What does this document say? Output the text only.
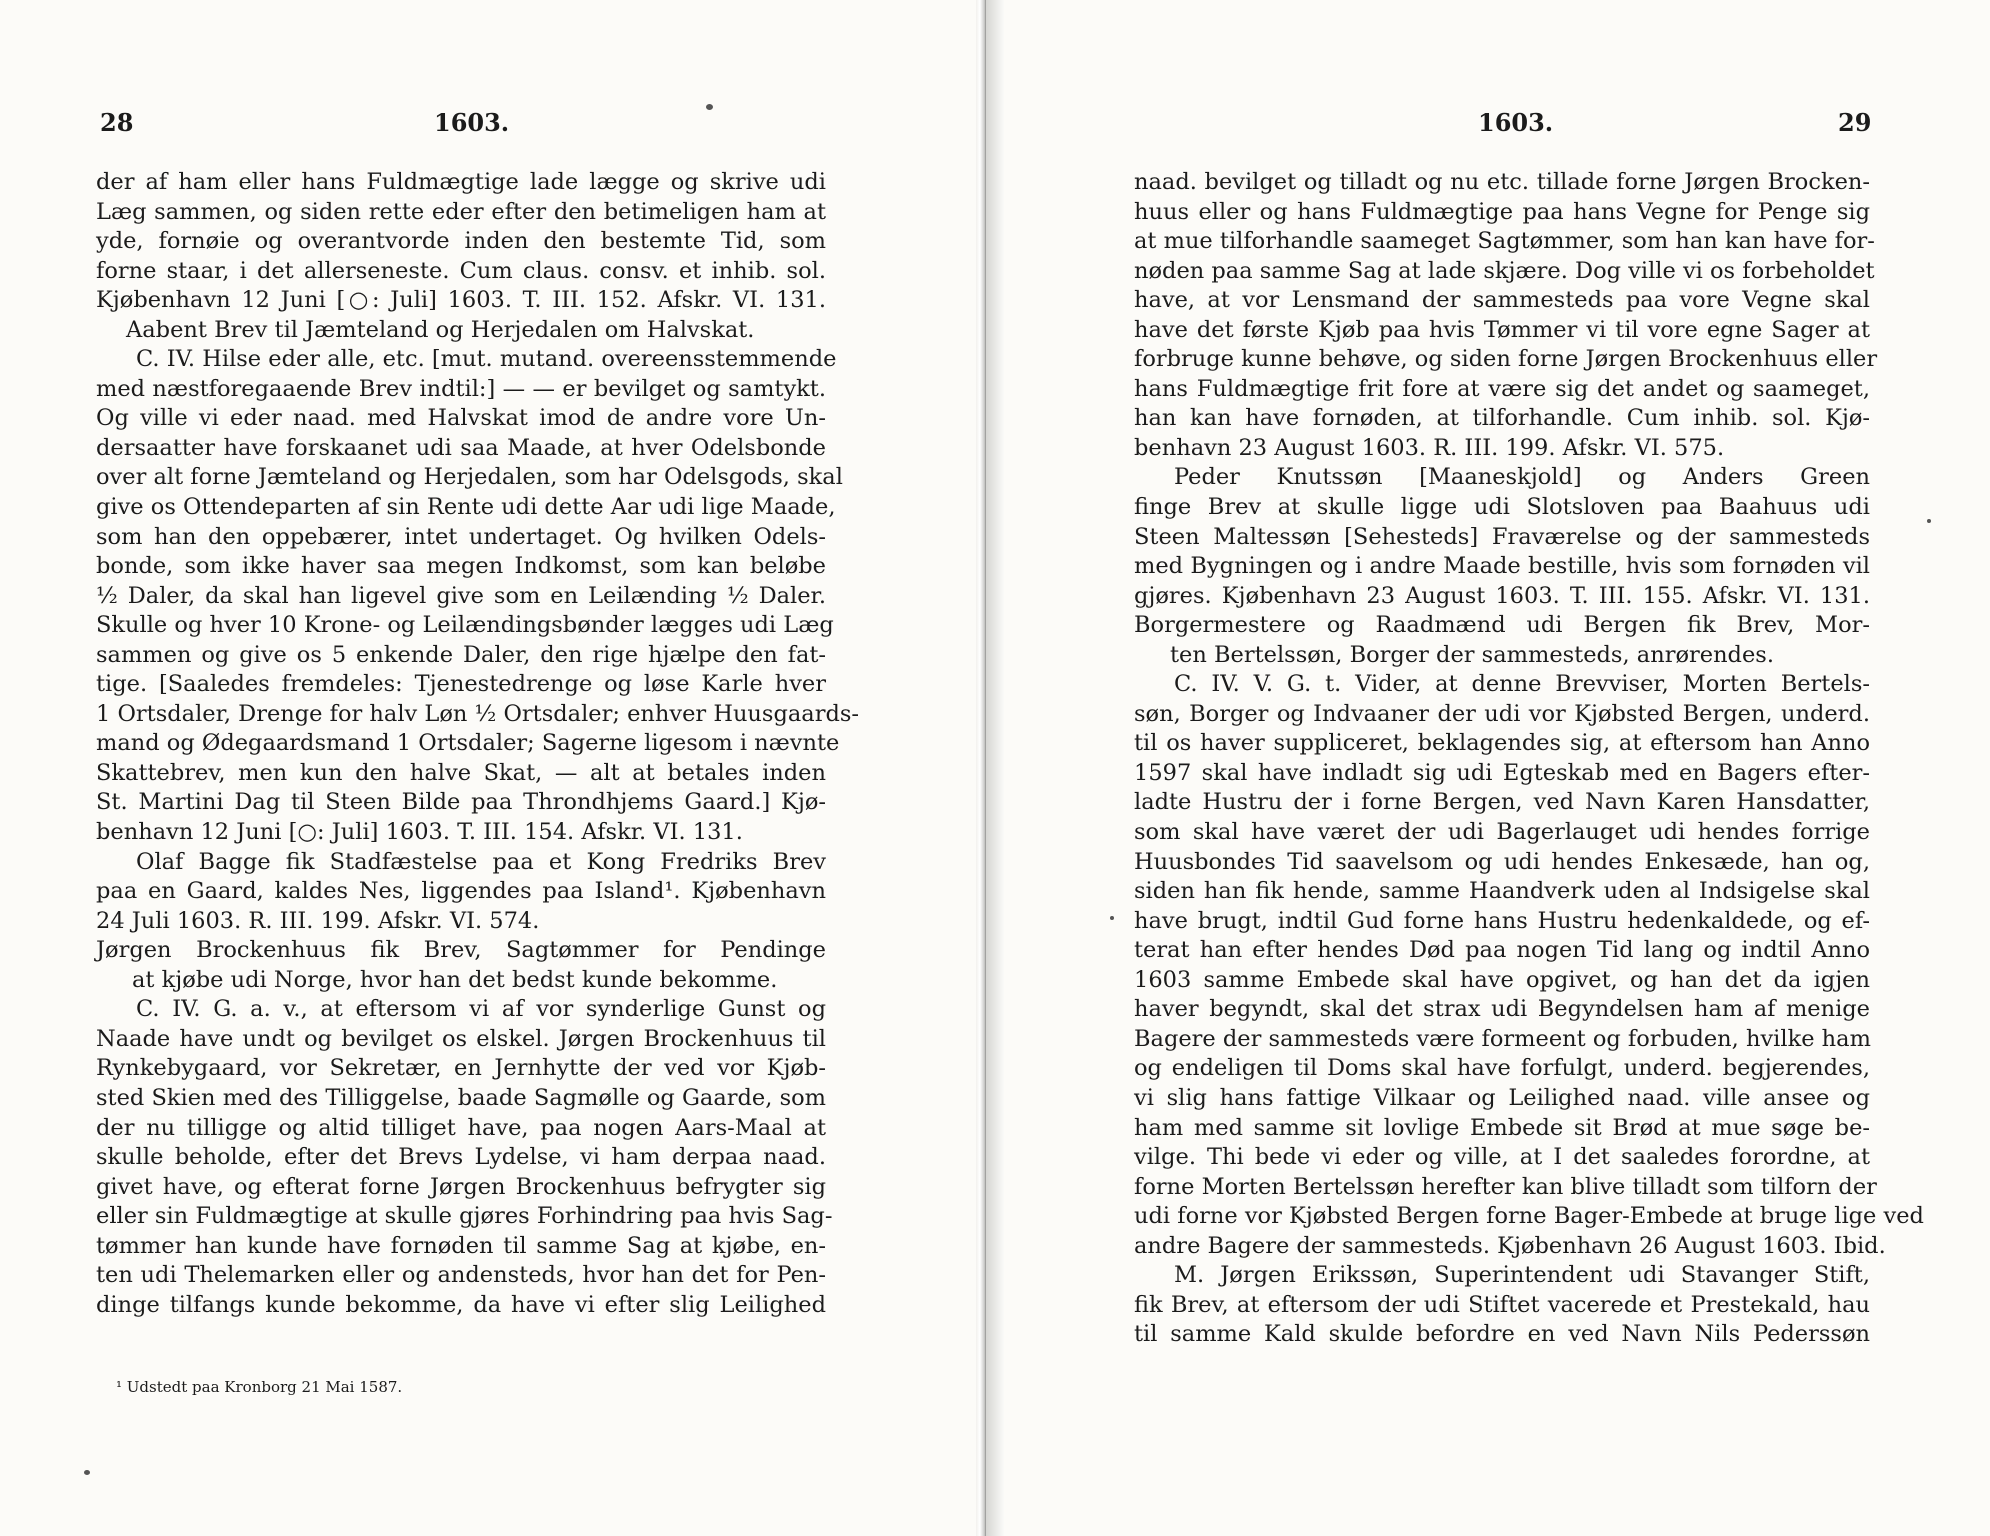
28	1603.
der af ham eller hans Fuldmægtige lade lægge og skrive udi
Læg sammen, og siden rette eder efter den betimeligen ham at
yde, fornøie og overantvorde inden den bestemte Tid, som
forne staar, i det allerseneste. Cum claus. consv. et inhib. sol.
Kjøbenhavn 12 Juni [○: Juli] 1603. T. III. 152. Afskr. VI. 131.
Aabent Brev til Jæmteland og Herjedalen om Halvskat.
C. IV. Hilse eder alle, etc. [mut. mutand. overeensstemmende
med næstforegaaende Brev indtil:] — — er bevilget og samtykt.
Og ville vi eder naad. med Halvskat imod de andre vore Un-
dersaatter have forskaanet udi saa Maade, at hver Odelsbonde
over alt forne Jæmteland og Herjedalen, som har Odelsgods, skal
give os Ottendeparten af sin Rente udi dette Aar udi lige Maade,
som han den oppebærer, intet undertaget. Og hvilken Odels-
bonde, som ikke haver saa megen Indkomst, som kan beløbe
½ Daler, da skal han ligevel give som en Leilænding ½ Daler.
Skulle og hver 10 Krone- og Leilændingsbønder lægges udi Læg
sammen og give os 5 enkende Daler, den rige hjælpe den fat-
tige. [Saaledes fremdeles: Tjenestedrenge og løse Karle hver
1 Ortsdaler, Drenge for halv Løn ½ Ortsdaler; enhver Huusgaards-
mand og Ødegaardsmand 1 Ortsdaler; Sagerne ligesom i nævnte
Skattebrev, men kun den halve Skat, — alt at betales inden
St. Martini Dag til Steen Bilde paa Throndhjems Gaard.] Kjø-
benhavn 12 Juni [○: Juli] 1603. T. III. 154. Afskr. VI. 131.
Olaf Bagge fik Stadfæstelse paa et Kong Fredriks Brev
paa en Gaard, kaldes Nes, liggendes paa Island¹. Kjøbenhavn
24 Juli 1603. R. III. 199. Afskr. VI. 574.
Jørgen Brockenhuus fik Brev, Sagtømmer for Pendinge
at kjøbe udi Norge, hvor han det bedst kunde bekomme.
C. IV. G. a. v., at eftersom vi af vor synderlige Gunst og
Naade have undt og bevilget os elskel. Jørgen Brockenhuus til
Rynkebygaard, vor Sekretær, en Jernhytte der ved vor Kjøb-
sted Skien med des Tilliggelse, baade Sagmølle og Gaarde, som
der nu tilligge og altid tilliget have, paa nogen Aars-Maal at
skulle beholde, efter det Brevs Lydelse, vi ham derpaa naad.
givet have, og efterat forne Jørgen Brockenhuus befrygter sig
eller sin Fuldmægtige at skulle gjøres Forhindring paa hvis Sag-
tømmer han kunde have fornøden til samme Sag at kjøbe, en-
ten udi Thelemarken eller og andensteds, hvor han det for Pen-
dinge tilfangs kunde bekomme, da have vi efter slig Leilighed
¹ Udstedt paa Kronborg 21 Mai 1587.
1603.	29
naad. bevilget og tilladt og nu etc. tillade forne Jørgen Brocken-
huus eller og hans Fuldmægtige paa hans Vegne for Penge sig
at mue tilforhandle saameget Sagtømmer, som han kan have for-
nøden paa samme Sag at lade skjære. Dog ville vi os forbeholdet
have, at vor Lensmand der sammesteds paa vore Vegne skal
have det første Kjøb paa hvis Tømmer vi til vore egne Sager at
forbruge kunne behøve, og siden forne Jørgen Brockenhuus eller
hans Fuldmægtige frit fore at være sig det andet og saameget,
han kan have fornøden, at tilforhandle. Cum inhib. sol. Kjø-
benhavn 23 August 1603. R. III. 199. Afskr. VI. 575.
Peder Knutssøn [Maaneskjold] og Anders Green
finge Brev at skulle ligge udi Slotsloven paa Baahuus udi
Steen Maltessøn [Sehesteds] Fraværelse og der sammesteds
med Bygningen og i andre Maade bestille, hvis som fornøden vil
gjøres. Kjøbenhavn 23 August 1603. T. III. 155. Afskr. VI. 131.
Borgermestere og Raadmænd udi Bergen fik Brev, Mor-
ten Bertelssøn, Borger der sammesteds, anrørendes.
C. IV. V. G. t. Vider, at denne Brevviser, Morten Bertels-
søn, Borger og Indvaaner der udi vor Kjøbsted Bergen, underd.
til os haver suppliceret, beklagendes sig, at eftersom han Anno
1597 skal have indladt sig udi Egteskab med en Bagers efter-
ladte Hustru der i forne Bergen, ved Navn Karen Hansdatter,
som skal have været der udi Bagerlauget udi hendes forrige
Huusbondes Tid saavelsom og udi hendes Enkesæde, han og,
siden han fik hende, samme Haandverk uden al Indsigelse skal
have brugt, indtil Gud forne hans Hustru hedenkaldede, og ef-
terat han efter hendes Død paa nogen Tid lang og indtil Anno
1603 samme Embede skal have opgivet, og han det da igjen
haver begyndt, skal det strax udi Begyndelsen ham af menige
Bagere der sammesteds være formeent og forbuden, hvilke ham
og endeligen til Doms skal have forfulgt, underd. begjerendes,
vi slig hans fattige Vilkaar og Leilighed naad. ville ansee og
ham med samme sit lovlige Embede sit Brød at mue søge be-
vilge. Thi bede vi eder og ville, at I det saaledes forordne, at
forne Morten Bertelssøn herefter kan blive tilladt som tilforn der
udi forne vor Kjøbsted Bergen forne Bager-Embede at bruge lige ved
andre Bagere der sammesteds. Kjøbenhavn 26 August 1603. Ibid.
M. Jørgen Erikssøn, Superintendent udi Stavanger Stift,
fik Brev, at eftersom der udi Stiftet vacerede et Prestekald, hau
til samme Kald skulde befordre en ved Navn Nils Pederssøn
